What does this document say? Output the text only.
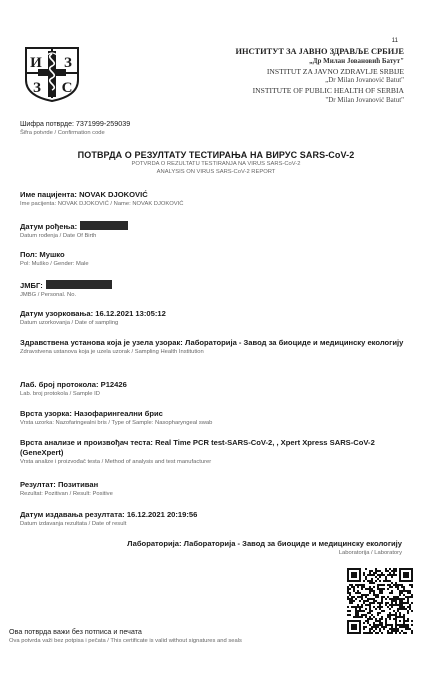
11
И З
З С
ИНСТИТУТ ЗА ЈАВНО ЗДРАВЉЕ СРБИЈЕ
„Др Милан Јовановић Батут"
INSTITUT ZA JAVNO ZDRAVLJE SRBIJE
„Dr Milan Jovanović Batut"
INSTITUTE OF PUBLIC HEALTH OF SERBIA
"Dr Milan Jovanović Batut"
Шифра потврде: 7371999-259039
Šifra potvrde / Confirmation code
ПОТВРДА О РЕЗУЛТАТУ ТЕСТИРАЊА НА ВИРУС SARS-CoV-2
POTVRDA O REZULTATU TESTIRANJA NA VIRUS SARS-CoV-2
ANALYSIS ON VIRUS SARS-CoV-2 REPORT
Име пацијента: NOVAK DJOKOVIĆ
Ime pacijenta: NOVAK DJOKOVIĆ / Name: NOVAK DJOKOVIĆ
Датум рођења:
Datum rođenja / Date Of Birth
Пол: Мушко
Pol: Muško / Gender: Male
ЈМБГ:
JMBG / Personal. No.
Датум узорковања: 16.12.2021 13:05:12
Datum uzorkovanja / Date of sampling
Здравствена установа која је узела узорак: Лабораторија - Завод за биоциде и медицинску екологију
Zdravstvena ustanova koja je uzela uzorak / Sampling Health Institution
Лаб. број протокола: P12426
Lab. broj protokola / Sample ID
Врста узорка: Назофарингеални брис
Vrsta uzorka: Nazofaringealni bris / Type of Sample: Nasopharyngeal swab
Врста анализе и произвођач теста: Real Time PCR test-SARS-CoV-2, , Xpert Xpress SARS-CoV-2 (GeneXpert)
Vrsta analize i proizvođač testa / Method of analysis and test manufacturer
Резултат: Позитиван
Rezultat: Pozitivan / Result: Positive
Датум издавања резултата: 16.12.2021 20:19:56
Datum izdavanja rezultata / Date of result
Лабораторија: Лабораторија - Завод за биоциде и медицинску екологију
Laboratorija / Laboratory
Ова потврда важи без потписа и печата
Ova potvrda važi bez potpisa i pečata / This certificate is valid without signatures and seals
